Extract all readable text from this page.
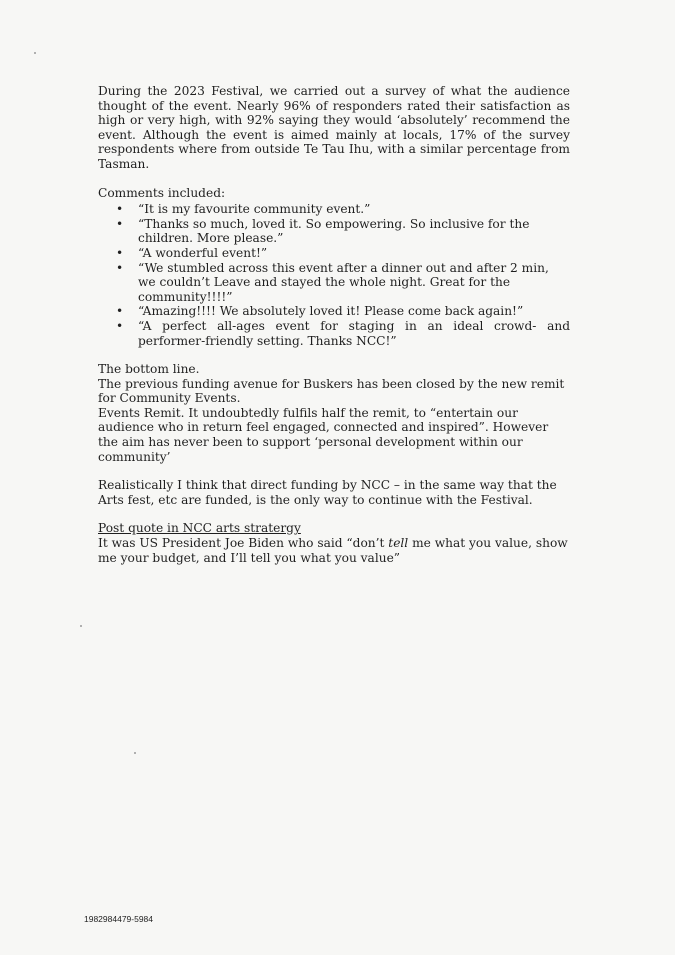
During the 2023 Festival, we carried out a survey of what the audience thought of the event. Nearly 96% of responders rated their satisfaction as high or very high, with 92% saying they would ‘absolutely’ recommend the event. Although the event is aimed mainly at locals, 17% of the survey respondents where from outside Te Tau Ihu, with a similar percentage from Tasman.

Comments included:

• “It is my favourite community event.”
• “Thanks so much, loved it. So empowering. So inclusive for the children. More please.”
• “A wonderful event!”
• “We stumbled across this event after a dinner out and after 2 min, we couldn’t Leave and stayed the whole night. Great for the community!!!!”
• “Amazing!!!! We absolutely loved it! Please come back again!”
• “A perfect all-ages event for staging in an ideal crowd- and performer-friendly setting. Thanks NCC!”

The bottom line.

The previous funding avenue for Buskers has been closed by the new remit for Community Events.

Events Remit. It undoubtedly fulfils half the remit, to “entertain our audience who in return feel engaged, connected and inspired”. However the aim has never been to support ‘personal development within our community’

Realistically I think that direct funding by NCC – in the same way that the Arts fest, etc are funded, is the only way to continue with the Festival.

Post quote in NCC arts stratergy

It was US President Joe Biden who said “don’t tell me what you value, show me your budget, and I’ll tell you what you value”

1982984479-5984
